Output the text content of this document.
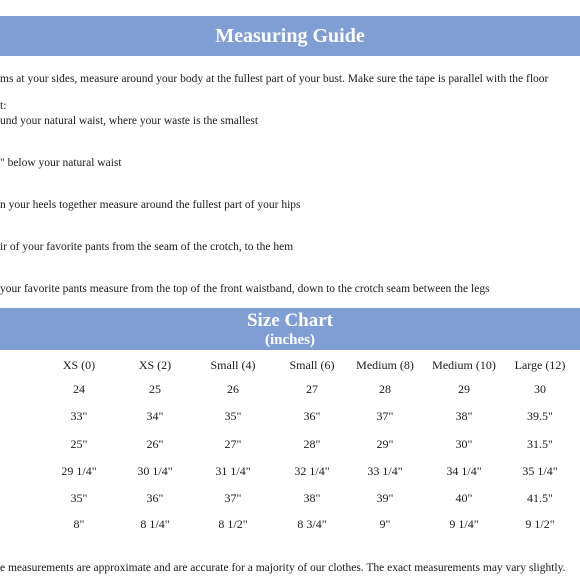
Measuring Guide
ms at your sides, measure around your body at the fullest part of your bust. Make sure the tape is parallel with the floor
t:
und your natural waist, where your waste is the smallest
" below your natural waist
n your heels together measure around the fullest part of your hips
ir of your favorite pants from the seam of the crotch, to the hem
your favorite pants measure from the top of the front waistband, down to the crotch seam between the legs
Size Chart
(inches)
XS (0)	XS (2)	Small (4)	Small (6)	Medium (8)	Medium (10)	Large (12)
24	25	26	27	28	29	30
33"	34"	35"	36"	37"	38"	39.5"
25"	26"	27"	28"	29"	30"	31.5"
29 1/4"	30 1/4"	31 1/4"	32 1/4"	33 1/4"	34 1/4"	35 1/4"
35"	36"	37"	38"	39"	40"	41.5"
8"	8 1/4"	8 1/2"	8 3/4"	9"	9 1/4"	9 1/2"
e measurements are approximate and are accurate for a majority of our clothes. The exact measurements may vary slightly.
